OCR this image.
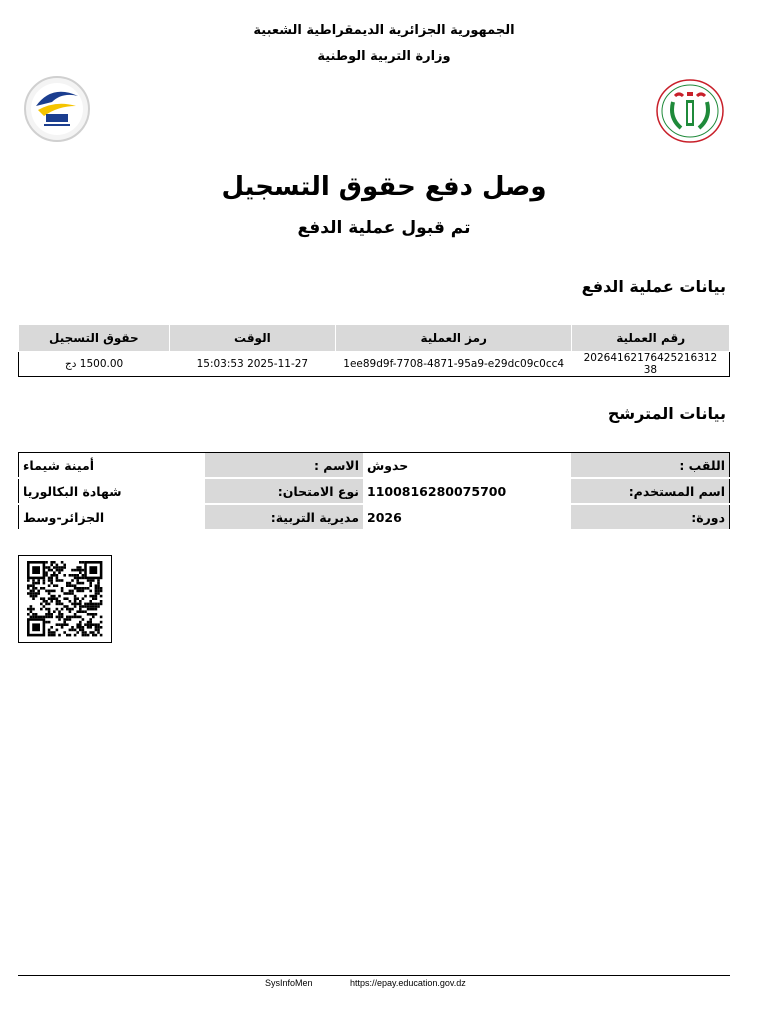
الجمهورية الجزائرية الديمقراطية الشعبية
وزارة التربية الوطنية
وصل دفع حقوق التسجيل
تم قبول عملية الدفع
بيانات عملية الدفع
رقم العملية	رمز العملية	الوقت	حقوق التسجيل
20264162176425216312 38	1ee89d9f-7708-4871-95a9-e29dc09c0cc4	15:03:53 2025-11-27	1500.00 دج
بيانات المترشح
اللقب :	حدوش	الاسم :	أمينة شيماء
اسم المستخدم:	1100816280075700	نوع الامتحان:	شهادة البكالوريا
دورة:	2026	مديرية التربية:	الجزائر-وسط
SysInfoMen	https://epay.education.gov.dz
